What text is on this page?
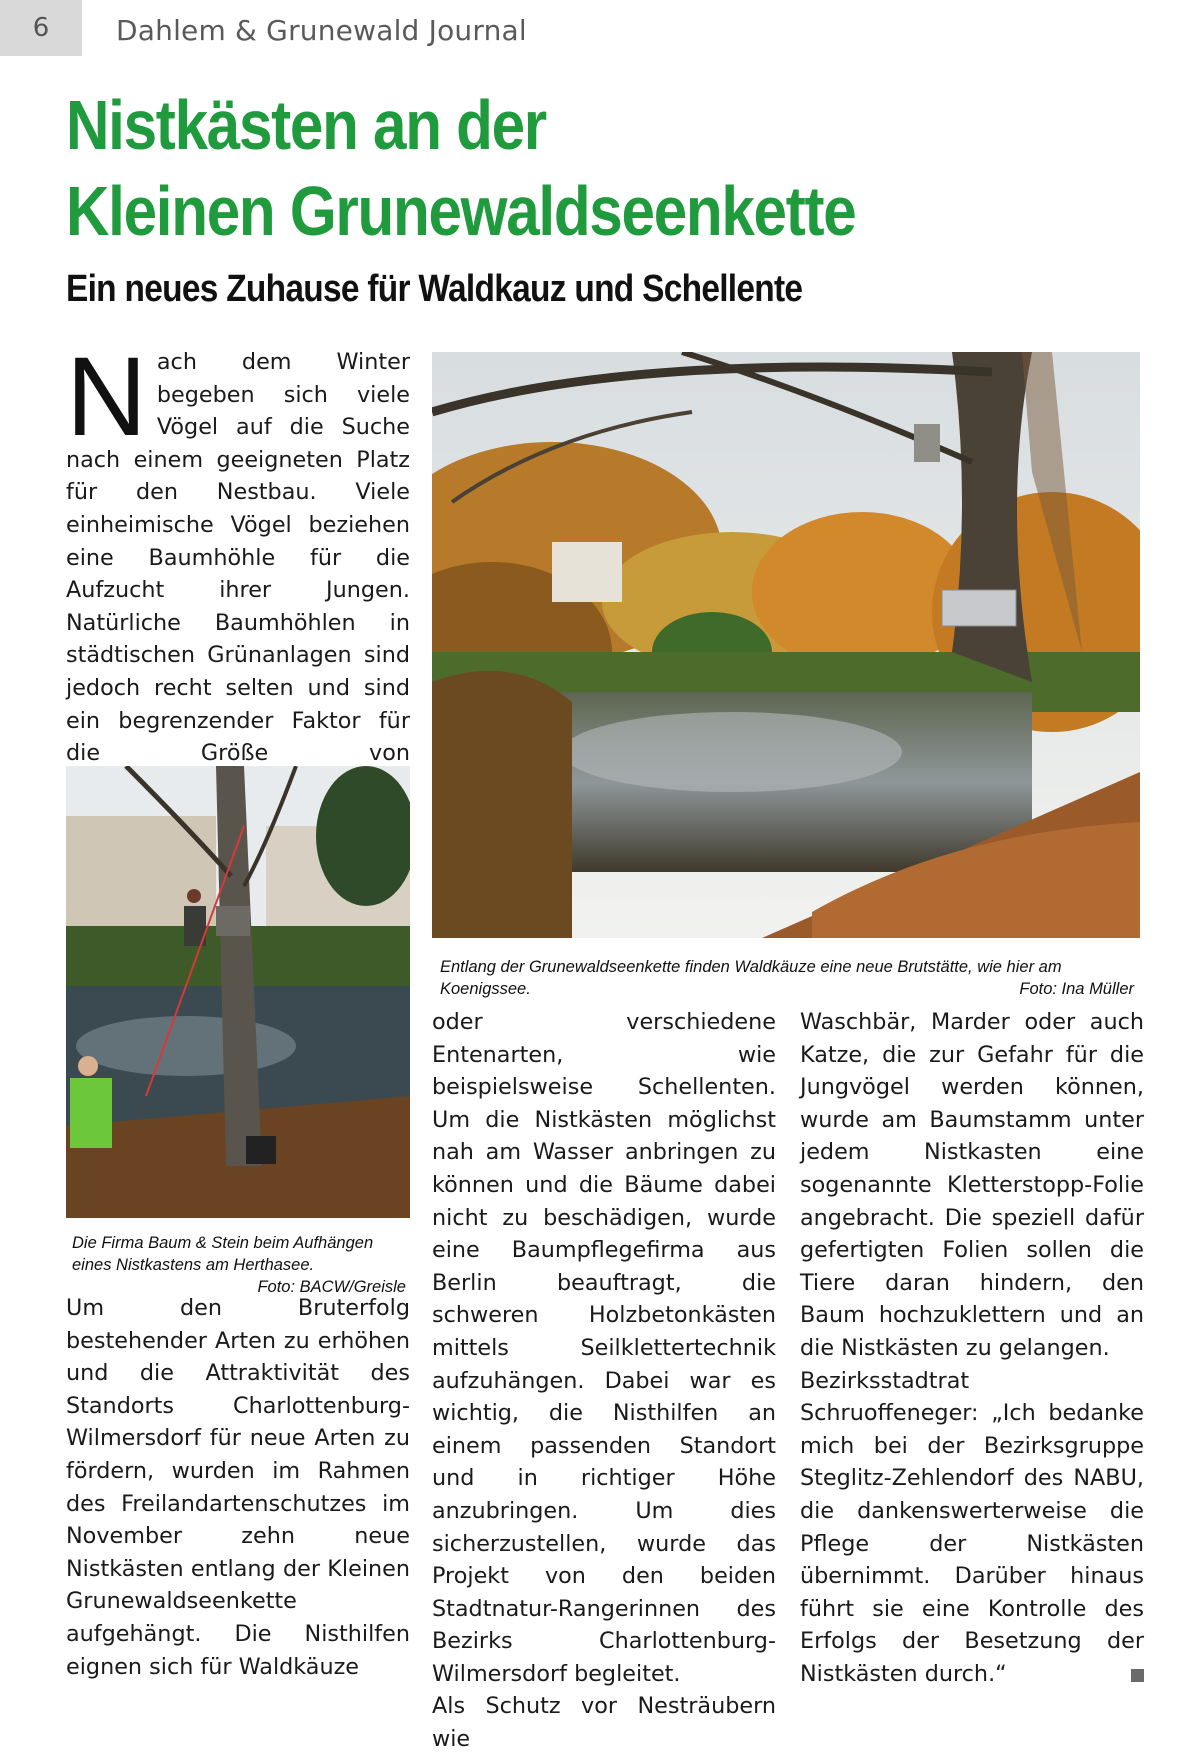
6	Dahlem & Grunewald Journal
Nistkästen an der
Kleinen Grunewaldseenkette
Ein neues Zuhause für Waldkauz und Schellente
N ach dem Winter begeben sich viele Vögel auf die Suche nach einem geeigneten Platz für den Nestbau. Viele einheimische Vögel beziehen eine Baumhöhle für die Aufzucht ihrer Jungen. Natürliche Baumhöhlen in städtischen Grünanlagen sind jedoch recht selten und sind ein begrenzender Faktor für die Größe von

Entlang der Grunewaldseenkette finden Waldkäuze eine neue Brutstätte, wie hier am Koenigssee.	Foto: Ina Müller
Die Firma Baum & Stein beim Aufhängen eines Nistkastens am Herthasee.
Foto: BACW/Greisle

Um den Bruterfolg bestehender Arten zu erhöhen und die Attraktivität des Standorts Charlottenburg-Wilmersdorf für neue Arten zu fördern, wurden im Rahmen des Freilandartenschutzes im November zehn neue Nistkästen entlang der Kleinen Grunewaldseenkette aufgehängt. Die Nisthilfen eignen sich für Waldkäuze

oder verschiedene Entenarten, wie beispielsweise Schellenten. Um die Nistkästen möglichst nah am Wasser anbringen zu können und die Bäume dabei nicht zu beschädigen, wurde eine Baumpflegefirma aus Berlin beauftragt, die schweren Holzbetonkästen mittels Seilklettertechnik aufzuhängen. Dabei war es wichtig, die Nisthilfen an einem passenden Standort und in richtiger Höhe anzubringen. Um dies sicherzustellen, wurde das Projekt von den beiden Stadtnatur-Rangerinnen des Bezirks Charlottenburg-Wilmersdorf begleitet.

Als Schutz vor Nesträubern wie

Waschbär, Marder oder auch Katze, die zur Gefahr für die Jungvögel werden können, wurde am Baumstamm unter jedem Nistkasten eine sogenannte Kletterstopp-Folie angebracht. Die speziell dafür gefertigten Folien sollen die Tiere daran hindern, den Baum hochzuklettern und an die Nistkästen zu gelangen.

Bezirksstadtrat Schruoffeneger: „Ich bedanke mich bei der Bezirksgruppe Steglitz-Zehlendorf des NABU, die dankenswerterweise die Pflege der Nistkästen übernimmt. Darüber hinaus führt sie eine Kontrolle des Erfolgs der Besetzung der Nistkästen durch.“
